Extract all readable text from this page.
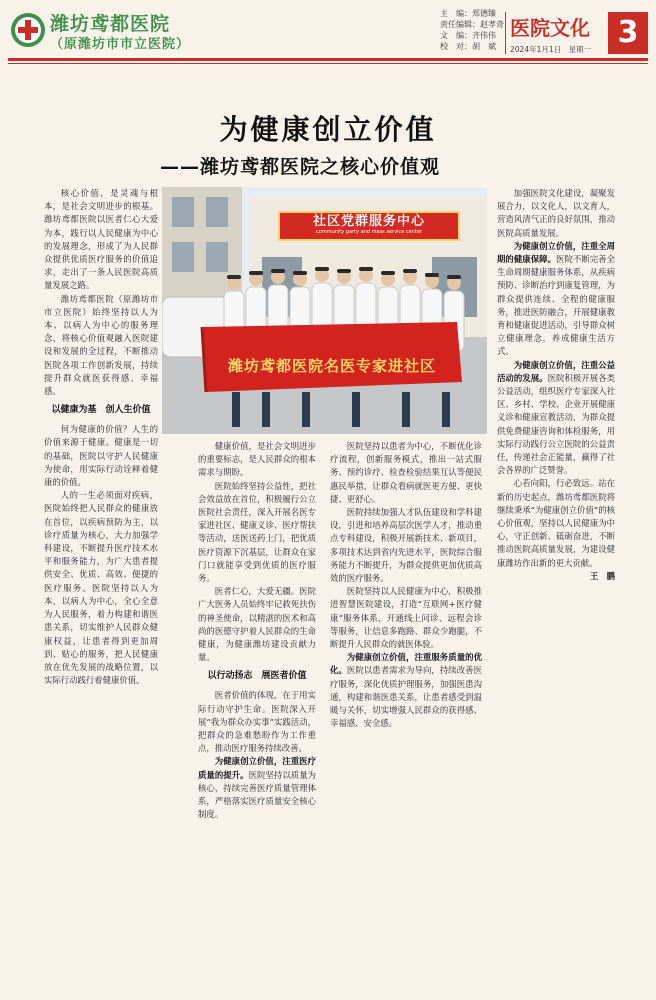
潍坊鸢都医院
（原潍坊市市立医院）
主　编：郑德臻
责任编辑：赵孝奇
文　编：齐伟伟
校　对：胡　斌
医院文化
2024年1月1日　星期一 3
为健康创立价值
——潍坊鸢都医院之核心价值观
社区党群服务中心
community party and mass service center
潍坊鸢都医院名医专家进社区

核心价值，是灵魂与根本，是社会文明进步的根基。潍坊鸢都医院以医者仁心大爱为本，践行以人民健康为中心的发展理念，形成了为人民群众提供优质医疗服务的价值追求，走出了一条人民医院高质量发展之路。

潍坊鸢都医院（原潍坊市市立医院）始终坚持以人为本、以病人为中心的服务理念，将核心价值观融入医院建设和发展的全过程，不断推动医院各项工作创新发展，持续提升群众就医获得感、幸福感。

以健康为基　创人生价值

何为健康的价值？人生的价值来源于健康。健康是一切的基础，医院以守护人民健康为使命，用实际行动诠释着健康的价值。

人的一生必须面对疾病，医院始终把人民群众的健康放在首位，以疾病预防为主，以诊疗质量为核心，大力加强学科建设，不断提升医疗技术水平和服务能力，为广大患者提供安全、优质、高效、便捷的医疗服务。医院坚持以人为本，以病人为中心，全心全意为人民服务，着力构建和谐医患关系，切实维护人民群众健康权益，让患者得到更加周到、贴心的服务，把人民健康放在优先发展的战略位置，以实际行动践行着健康价值。

健康价值，是社会文明进步的重要标志，是人民群众的根本需求与期盼。

医院始终坚持公益性，把社会效益放在首位，积极履行公立医院社会责任，深入开展名医专家进社区、健康义诊、医疗帮扶等活动，送医送药上门，把优质医疗资源下沉基层，让群众在家门口就能享受到优质的医疗服务。

医者仁心，大爱无疆。医院广大医务人员始终牢记救死扶伤的神圣使命，以精湛的医术和高尚的医德守护着人民群众的生命健康，为健康潍坊建设贡献力量。

以行动扬志　展医者价值

医者价值的体现，在于用实际行动守护生命。医院深入开展“我为群众办实事”实践活动，把群众的急难愁盼作为工作重点，推动医疗服务持续改善。

为健康创立价值，注重医疗质量的提升。医院坚持以质量为核心，持续完善医疗质量管理体系，严格落实医疗质量安全核心制度。

医院坚持以患者为中心，不断优化诊疗流程，创新服务模式，推出一站式服务、预约诊疗、检查检验结果互认等便民惠民举措，让群众看病就医更方便、更快捷、更舒心。

医院持续加强人才队伍建设和学科建设，引进和培养高层次医学人才，推动重点专科建设，积极开展新技术、新项目，多项技术达到省内先进水平，医院综合服务能力不断提升，为群众提供更加优质高效的医疗服务。

医院坚持以人民健康为中心，积极推进智慧医院建设，打造“互联网+医疗健康”服务体系，开通线上问诊、远程会诊等服务，让信息多跑路、群众少跑腿，不断提升人民群众的就医体验。

为健康创立价值，注重服务质量的优化。医院以患者需求为导向，持续改善医疗服务，深化优质护理服务，加强医患沟通，构建和谐医患关系，让患者感受到温暖与关怀，切实增强人民群众的获得感、幸福感、安全感。

加强医院文化建设，凝聚发展合力，以文化人，以文育人，营造风清气正的良好氛围，推动医院高质量发展。

为健康创立价值，注重全周期的健康保障。医院不断完善全生命周期健康服务体系，从疾病预防、诊断治疗到康复管理，为群众提供连续、全程的健康服务，推进医防融合，开展健康教育和健康促进活动，引导群众树立健康理念，养成健康生活方式。

为健康创立价值，注重公益活动的发展。医院积极开展各类公益活动，组织医疗专家深入社区、乡村、学校、企业开展健康义诊和健康宣教活动，为群众提供免费健康咨询和体检服务，用实际行动践行公立医院的公益责任，传递社会正能量，赢得了社会各界的广泛赞誉。

心若向阳，行必致远。站在新的历史起点，潍坊鸢都医院将继续秉承“为健康创立价值”的核心价值观，坚持以人民健康为中心，守正创新、砥砺奋进，不断推动医院高质量发展，为建设健康潍坊作出新的更大贡献。

王　鹏
